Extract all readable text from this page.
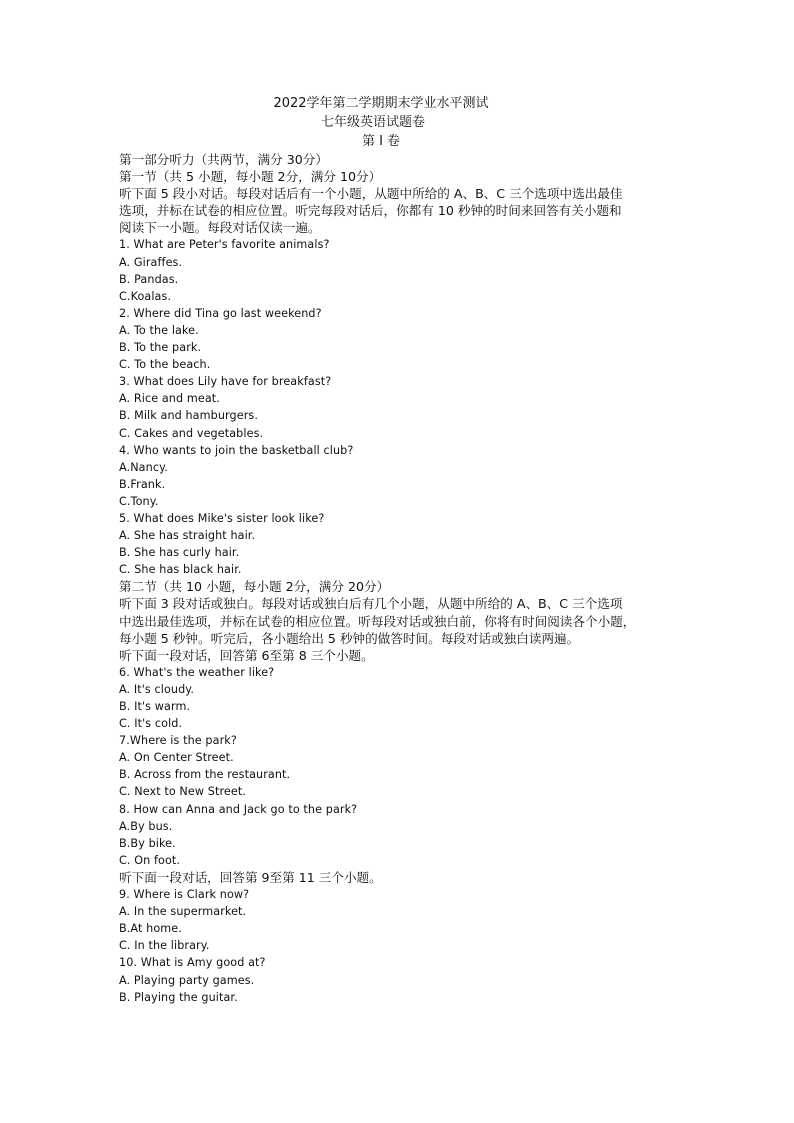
2022学年第二学期期末学业水平测试
七年级英语试题卷
第 I 卷
第一部分听力（共两节，满分 30分）
第一节（共 5 小题，每小题 2分，满分 10分）
听下面 5 段小对话。每段对话后有一个小题，从题中所给的 A、B、C 三个选项中选出最佳
选项，并标在试卷的相应位置。听完每段对话后，你都有 10 秒钟的时间来回答有关小题和
阅读下一小题。每段对话仅读一遍。
1. What are Peter's favorite animals?
A. Giraffes.
B. Pandas.
C.Koalas.
2. Where did Tina go last weekend?
A. To the lake.
B. To the park.
C. To the beach.
3. What does Lily have for breakfast?
A. Rice and meat.
B. Milk and hamburgers.
C. Cakes and vegetables.
4. Who wants to join the basketball club?
A.Nancy.
B.Frank.
C.Tony.
5. What does Mike's sister look like?
A. She has straight hair.
B. She has curly hair.
C. She has black hair.
第二节（共 10 小题，每小题 2分，满分 20分）
听下面 3 段对话或独白。每段对话或独白后有几个小题，从题中所给的 A、B、C 三个选项
中选出最佳选项，并标在试卷的相应位置。听每段对话或独白前，你将有时间阅读各个小题，
每小题 5 秒钟。听完后，各小题给出 5 秒钟的做答时间。每段对话或独白读两遍。
听下面一段对话，回答第 6至第 8 三个小题。
6. What's the weather like?
A. It's cloudy.
B. It's warm.
C. It's cold.
7.Where is the park?
A. On Center Street.
B. Across from the restaurant.
C. Next to New Street.
8. How can Anna and Jack go to the park?
A.By bus.
B.By bike.
C. On foot.
听下面一段对话，回答第 9至第 11 三个小题。
9. Where is Clark now?
A. In the supermarket.
B.At home.
C. In the library.
10. What is Amy good at?
A. Playing party games.
B. Playing the guitar.
